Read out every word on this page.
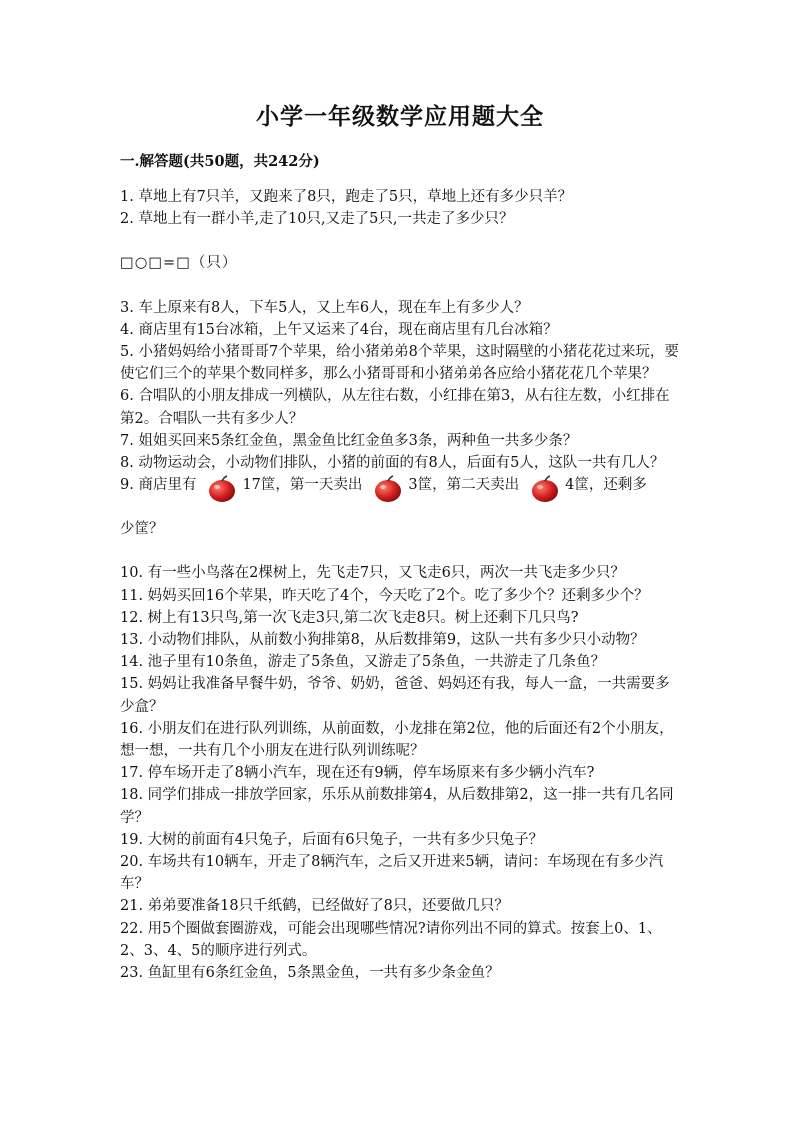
小学一年级数学应用题大全
一.解答题(共50题，共242分)

1. 草地上有7只羊，又跑来了8只，跑走了5只，草地上还有多少只羊？

2. 草地上有一群小羊,走了10只,又走了5只,一共走了多少只？

□○□=□（只）

3. 车上原来有8人，下车5人，又上车6人，现在车上有多少人？

4. 商店里有15台冰箱，上午又运来了4台，现在商店里有几台冰箱？

5. 小猪妈妈给小猪哥哥7个苹果，给小猪弟弟8个苹果，这时隔壁的小猪花花过来玩，要使它们三个的苹果个数同样多，那么小猪哥哥和小猪弟弟各应给小猪花花几个苹果？

6. 合唱队的小朋友排成一列横队，从左往右数，小红排在第3，从右往左数，小红排在第2。合唱队一共有多少人？

7. 姐姐买回来5条红金鱼，黑金鱼比红金鱼多3条，两种鱼一共多少条？

8. 动物运动会，小动物们排队，小猪的前面的有8人，后面有5人，这队一共有几人？

9. 商店里有	17筐，第一天卖出	3筐，第二天卖出	4筐，还剩多

少筐？

10. 有一些小鸟落在2棵树上，先飞走7只，又飞走6只，两次一共飞走多少只？

11. 妈妈买回16个苹果，昨天吃了4个，今天吃了2个。吃了多少个？还剩多少个？

12. 树上有13只鸟,第一次飞走3只,第二次飞走8只。树上还剩下几只鸟?

13. 小动物们排队，从前数小狗排第8，从后数排第9，这队一共有多少只小动物？

14. 池子里有10条鱼，游走了5条鱼，又游走了5条鱼，一共游走了几条鱼？

15. 妈妈让我准备早餐牛奶，爷爷、奶奶，爸爸、妈妈还有我，每人一盒，一共需要多少盒？

16. 小朋友们在进行队列训练，从前面数，小龙排在第2位，他的后面还有2个小朋友，想一想，一共有几个小朋友在进行队列训练呢？

17. 停车场开走了8辆小汽车，现在还有9辆，停车场原来有多少辆小汽车?

18. 同学们排成一排放学回家，乐乐从前数排第4，从后数排第2，这一排一共有几名同学？

19. 大树的前面有4只兔子，后面有6只兔子，一共有多少只兔子？

20. 车场共有10辆车，开走了8辆汽车，之后又开进来5辆，请问：车场现在有多少汽车？

21. 弟弟要准备18只千纸鹤，已经做好了8只，还要做几只？

22. 用5个圈做套圈游戏，可能会出现哪些情况?请你列出不同的算式。按套上0、1、2、3、4、5的顺序进行列式。

23. 鱼缸里有6条红金鱼，5条黑金鱼，一共有多少条金鱼？
